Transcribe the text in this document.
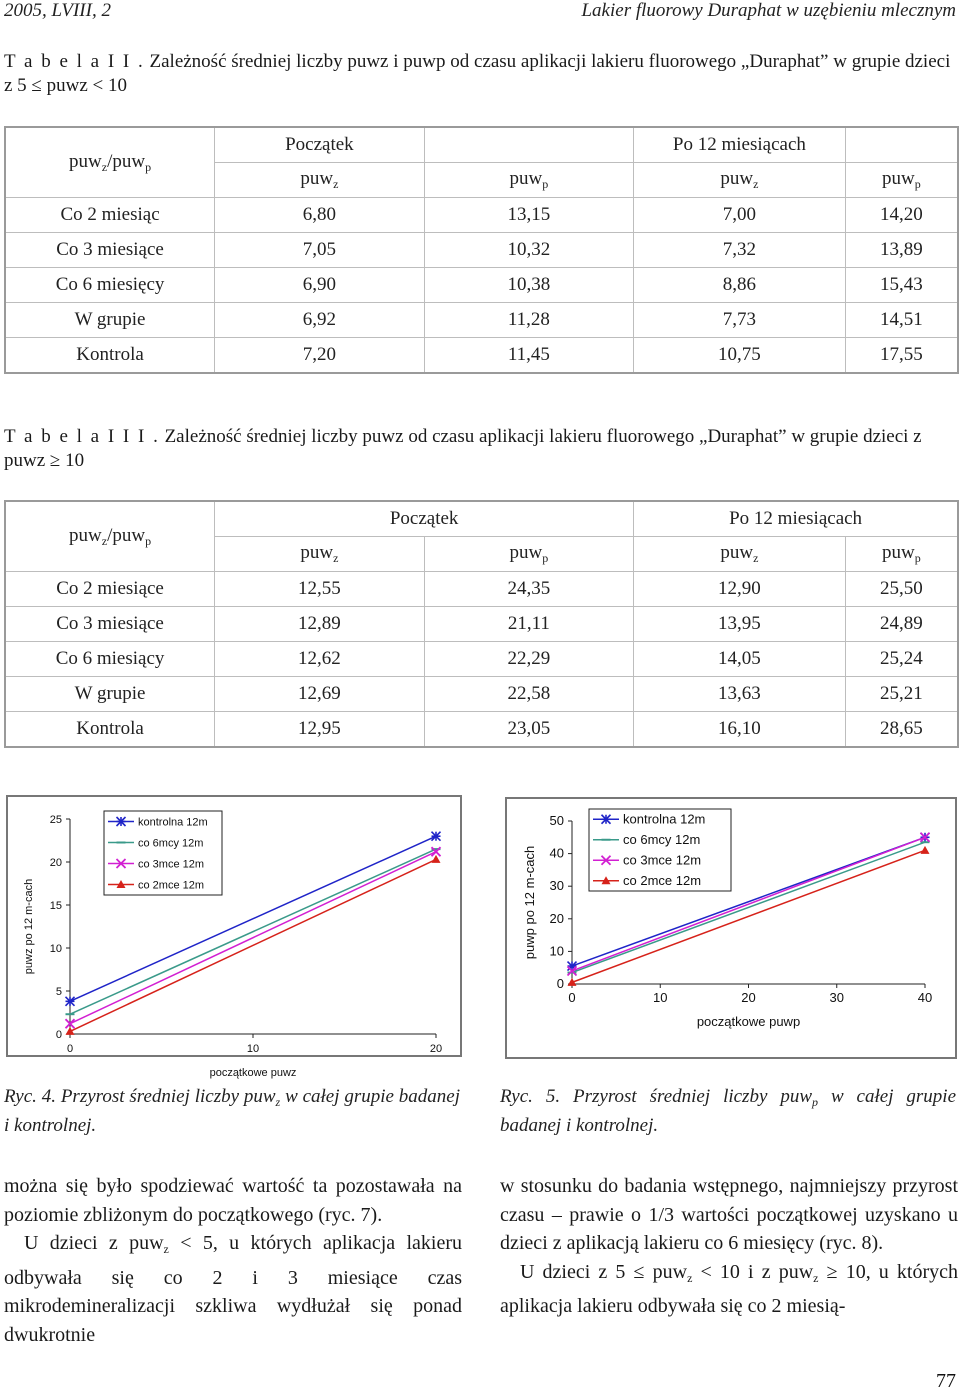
2005, LVIII, 2	Lakier fluorowy Duraphat w uzębieniu mlecznym
T a b e l a I I . Zależność średniej liczby puwz i puwp od czasu aplikacji lakieru fluorowego „Duraphat” w grupie dzieci z 5 ≤ puwz < 10
puw$_z$/puw$_p$	Początek		Po 12 miesiącach	
	puw$_z$	puw$_p$	puw$_z$	puw$_p$
Co 2 miesiąc	6,80	13,15	7,00	14,20
Co 3 miesiące	7,05	10,32	7,32	13,89
Co 6 miesięcy	6,90	10,38	8,86	15,43
W grupie	6,92	11,28	7,73	14,51
Kontrola	7,20	11,45	10,75	17,55
T a b e l a I I I . Zależność średniej liczby puwz od czasu aplikacji lakieru fluorowego „Duraphat” w grupie dzieci z puwz ≥ 10
puw$_z$/puw$_p$	Początek		Po 12 miesiącach	
	puw$_z$	puw$_p$	puw$_z$	puw$_p$
Co 2 miesiące	12,55	24,35	12,90	25,50
Co 3 miesiące	12,89	21,11	13,95	24,89
Co 6 miesiący	12,62	22,29	14,05	25,24
W grupie	12,69	22,58	13,63	25,21
Kontrola	12,95	23,05	16,10	28,65
0
5
10
15
20
25
0	10	20
początkowe puwz
puwz po 12 m-cach
kontrolna 12m
co 6mcy 12m
co 3mce 12m
co 2mce 12m
0
10
20
30
40
50
0	10	20	30	40
początkowe puwp
puwp po 12 m-cach
kontrolna 12m
co 6mcy 12m
co 3mce 12m
co 2mce 12m
Ryc. 4. Przyrost średniej liczby puw$_z$ w całej grupie badanej i kontrolnej.
Ryc. 5. Przyrost średniej liczby puw$_p$ w całej grupie badanej i kontrolnej.

można się było spodziewać wartość ta pozostawała na poziomie zbliżonym do początkowego (ryc. 7).

U dzieci z puw$_z$ < 5, u których aplikacja lakieru odbywała się co 2 i 3 miesiące czas mikrodemineralizacji szkliwa wydłużał się ponad dwukrotnie

w stosunku do badania wstępnego, najmniejszy przyrost czasu – prawie o 1/3 wartości początkowej uzyskano u dzieci z aplikacją lakieru co 6 miesięcy (ryc. 8).

U dzieci z 5 ≤ puw$_z$ < 10 i z puw$_z$ ≥ 10, u których aplikacja lakieru odbywała się co 2 miesią-

77
